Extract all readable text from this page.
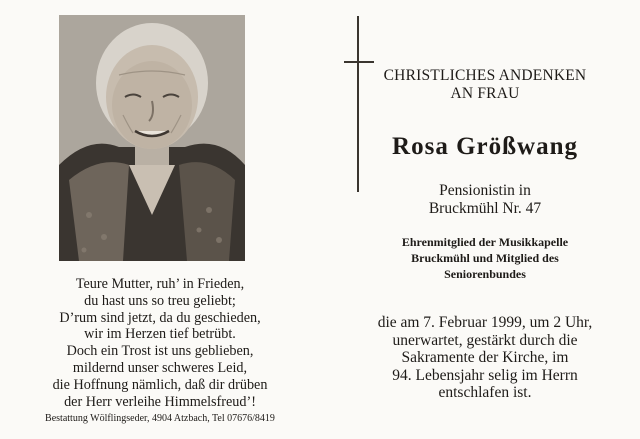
Teure Mutter, ruh’ in Frieden,
du hast uns so treu geliebt;
D’rum sind jetzt, da du geschieden,
wir im Herzen tief betrübt.
Doch ein Trost ist uns geblieben,
mildernd unser schweres Leid,
die Hoffnung nämlich, daß dir drüben
der Herr verleihe Himmelsfreud’!
Bestattung Wölflingseder, 4904 Atzbach, Tel 07676/8419
CHRISTLICHES ANDENKEN
AN FRAU
Rosa Größwang
Pensionistin in
Bruckmühl Nr. 47
Ehrenmitglied der Musikkapelle
Bruckmühl und Mitglied des
Seniorenbundes
die am 7. Februar 1999, um 2 Uhr,
unerwartet, gestärkt durch die
Sakramente der Kirche, im
94. Lebensjahr selig im Herrn
entschlafen ist.
